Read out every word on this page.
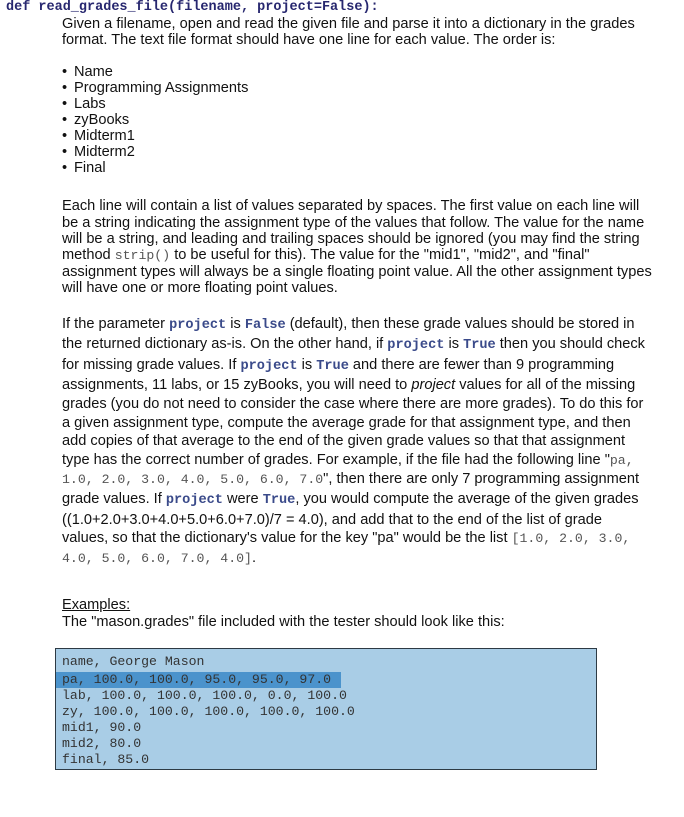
def read_grades_file(filename, project=False):

Given a filename, open and read the given file and parse it into a dictionary in the grades format. The text file format should have one line for each value. The order is:

• Name
• Programming Assignments
• Labs
• zyBooks
• Midterm1
• Midterm2
• Final

Each line will contain a list of values separated by spaces. The first value on each line will be a string indicating the assignment type of the values that follow. The value for the name will be a string, and leading and trailing spaces should be ignored (you may find the string method strip() to be useful for this). The value for the "mid1", "mid2", and "final" assignment types will always be a single floating point value. All the other assignment types will have one or more floating point values.

If the parameter project is False (default), then these grade values should be stored in the returned dictionary as-is. On the other hand, if project is True then you should check for missing grade values. If project is True and there are fewer than 9 programming assignments, 11 labs, or 15 zyBooks, you will need to project values for all of the missing grades (you do not need to consider the case where there are more grades). To do this for a given assignment type, compute the average grade for that assignment type, and then add copies of that average to the end of the given grade values so that that assignment type has the correct number of grades. For example, if the file had the following line "pa, 1.0, 2.0, 3.0, 4.0, 5.0, 6.0, 7.0", then there are only 7 programming assignment grade values. If project were True, you would compute the average of the given grades ((1.0+2.0+3.0+4.0+5.0+6.0+7.0)/7 = 4.0), and add that to the end of the list of grade values, so that the dictionary's value for the key "pa" would be the list [1.0, 2.0, 3.0, 4.0, 5.0, 6.0, 7.0, 4.0].

Examples:

The "mason.grades" file included with the tester should look like this:

name, George Mason
pa, 100.0, 100.0, 95.0, 95.0, 97.0
lab, 100.0, 100.0, 100.0, 0.0, 100.0
zy, 100.0, 100.0, 100.0, 100.0, 100.0
mid1, 90.0
mid2, 80.0
final, 85.0
